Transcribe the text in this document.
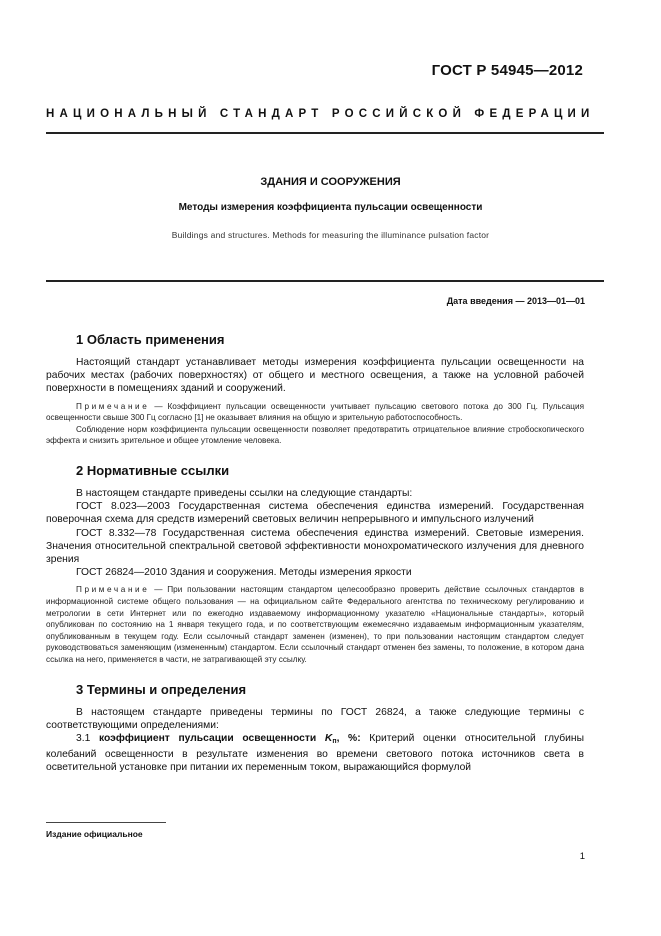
ГОСТ Р 54945—2012
НАЦИОНАЛЬНЫЙ СТАНДАРТ РОССИЙСКОЙ ФЕДЕРАЦИИ
ЗДАНИЯ И СООРУЖЕНИЯ
Методы измерения коэффициента пульсации освещенности
Buildings and structures. Methods for measuring the illuminance pulsation factor
Дата введения — 2013—01—01
1 Область применения

Настоящий стандарт устанавливает методы измерения коэффициента пульсации освещенности на рабочих местах (рабочих поверхностях) от общего и местного освещения, а также на условной рабочей поверхности в помещениях зданий и сооружений.

Примечание — Коэффициент пульсации освещенности учитывает пульсацию светового потока до 300 Гц. Пульсация освещенности свыше 300 Гц согласно [1] не оказывает влияния на общую и зрительную работоспособность.

Соблюдение норм коэффициента пульсации освещенности позволяет предотвратить отрицательное влияние стробоскопического эффекта и снизить зрительное и общее утомление человека.

2 Нормативные ссылки

В настоящем стандарте приведены ссылки на следующие стандарты:

ГОСТ 8.023—2003 Государственная система обеспечения единства измерений. Государственная поверочная схема для средств измерений световых величин непрерывного и импульсного излучений

ГОСТ 8.332—78 Государственная система обеспечения единства измерений. Световые измерения. Значения относительной спектральной световой эффективности монохроматического излучения для дневного зрения

ГОСТ 26824—2010 Здания и сооружения. Методы измерения яркости

Примечание — При пользовании настоящим стандартом целесообразно проверить действие ссылочных стандартов в информационной системе общего пользования — на официальном сайте Федерального агентства по техническому регулированию и метрологии в сети Интернет или по ежегодно издаваемому информационному указателю «Национальные стандарты», который опубликован по состоянию на 1 января текущего года, и по соответствующим ежемесячно издаваемым информационным указателям, опубликованным в текущем году. Если ссылочный стандарт заменен (изменен), то при пользовании настоящим стандартом следует руководствоваться заменяющим (измененным) стандартом. Если ссылочный стандарт отменен без замены, то положение, в котором дана ссылка на него, применяется в части, не затрагивающей эту ссылку.

3 Термины и определения

В настоящем стандарте приведены термины по ГОСТ 26824, а также следующие термины с соответствующими определениями:

3.1 коэффициент пульсации освещенности $K_п$, %: Критерий оценки относительной глубины колебаний освещенности в результате изменения во времени светового потока источников света в осветительной установке при питании их переменным током, выражающийся формулой

Издание официальное
1
